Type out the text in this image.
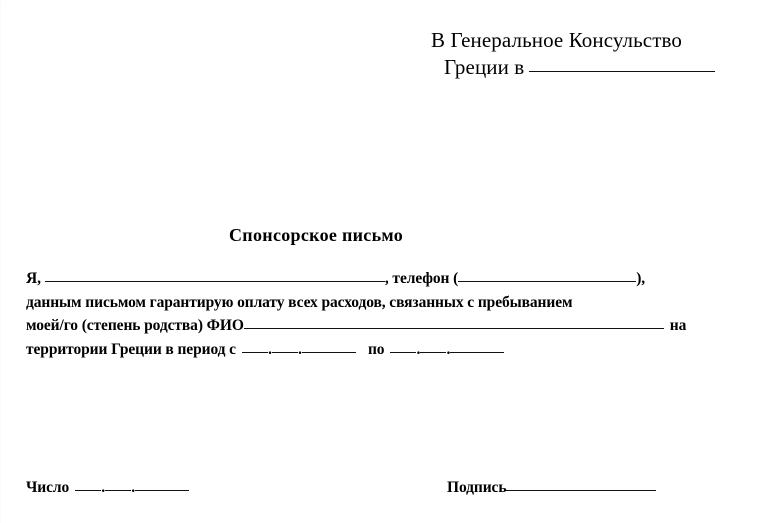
В Генеральное Консульство
Греции в
Спонсорское письмо
Я,	, телефон (	),
данным письмом гарантирую оплату всех расходов, связанных с пребыванием
моей/го (степень родства) ФИО	на
территории Греции в период с . .	по . .
Число . .	Подпись
